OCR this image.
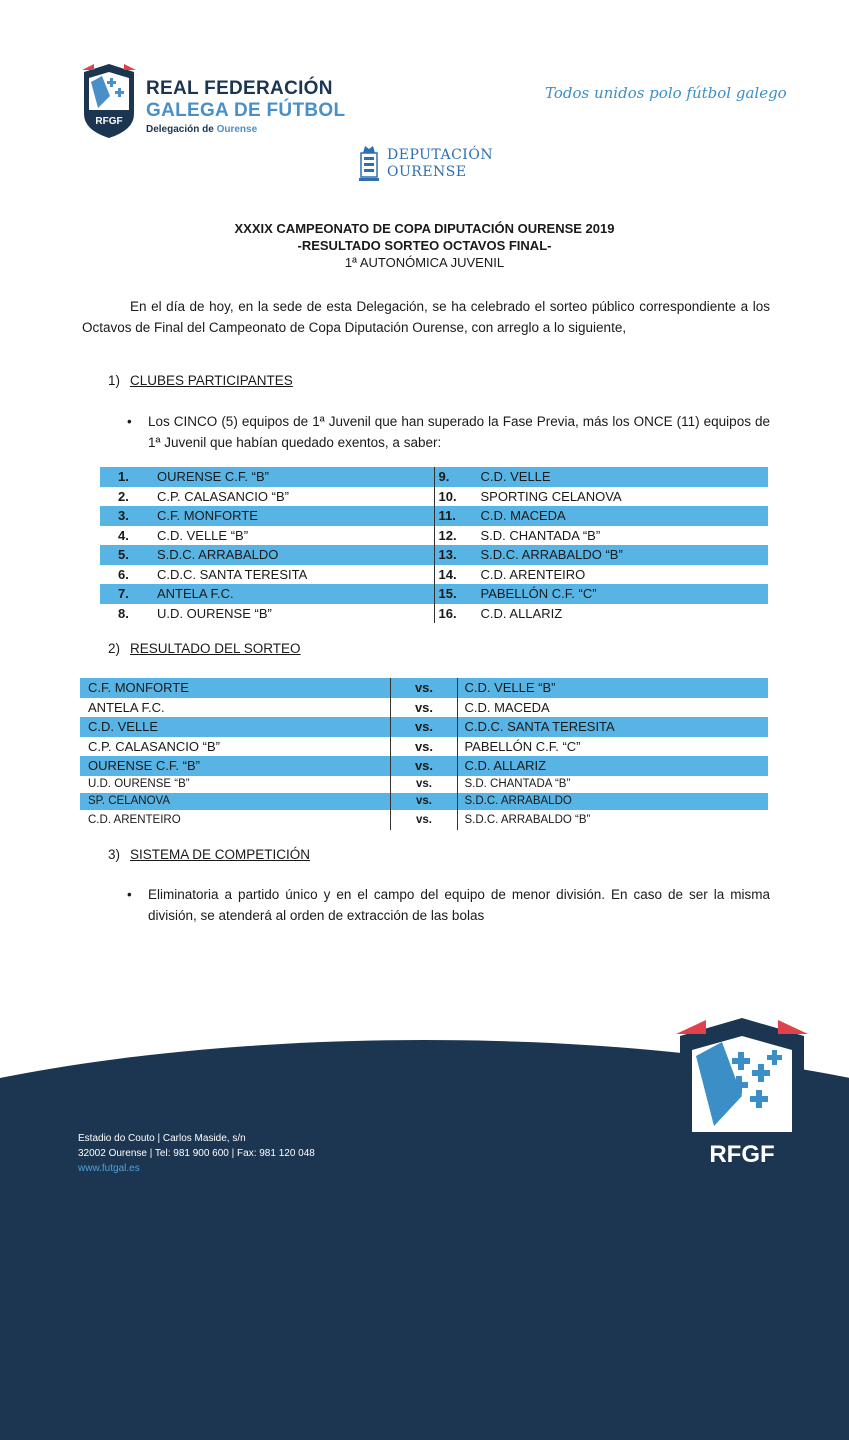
RFGF
REAL FEDERACIÓN
GALEGA DE FÚTBOL
Delegación de Ourense
Todos unidos polo fútbol galego
DEPUTACIÓN
OURENSE
XXXIX CAMPEONATO DE COPA DIPUTACIÓN OURENSE 2019
-RESULTADO SORTEO OCTAVOS FINAL-
1ª AUTONÓMICA JUVENIL
En el día de hoy, en la sede de esta Delegación, se ha celebrado el sorteo público correspondiente a los Octavos de Final del Campeonato de Copa Diputación Ourense, con arreglo a lo siguiente,
1) CLUBES PARTICIPANTES
• Los CINCO (5) equipos de 1ª Juvenil que han superado la Fase Previa, más los ONCE (11) equipos de 1ª Juvenil que habían quedado exentos, a saber:
1.	OURENSE C.F. “B”	9.	C.D. VELLE
2.	C.P. CALASANCIO “B”	10.	SPORTING CELANOVA
3.	C.F. MONFORTE	11.	C.D. MACEDA
4.	C.D. VELLE “B”	12.	S.D. CHANTADA “B”
5.	S.D.C. ARRABALDO	13.	S.D.C. ARRABALDO “B”
6.	C.D.C. SANTA TERESITA	14.	C.D. ARENTEIRO
7.	ANTELA F.C.	15.	PABELLÓN C.F. “C”
8.	U.D. OURENSE “B”	16.	C.D. ALLARIZ
2) RESULTADO DEL SORTEO
C.F. MONFORTE	vs.	C.D. VELLE “B”
ANTELA F.C.	vs.	C.D. MACEDA
C.D. VELLE	vs.	C.D.C. SANTA TERESITA
C.P. CALASANCIO “B”	vs.	PABELLÓN C.F. “C”
OURENSE C.F. “B”	vs.	C.D. ALLARIZ
U.D. OURENSE “B”	vs.	S.D. CHANTADA “B”
SP. CELANOVA	vs.	S.D.C. ARRABALDO
C.D. ARENTEIRO	vs.	S.D.C. ARRABALDO “B”
3) SISTEMA DE COMPETICIÓN
• Eliminatoria a partido único y en el campo del equipo de menor división. En caso de ser la misma división, se atenderá al orden de extracción de las bolas
Estadio do Couto | Carlos Maside, s/n
32002 Ourense | Tel: 981 900 600 | Fax: 981 120 048
www.futgal.es
RFGF
